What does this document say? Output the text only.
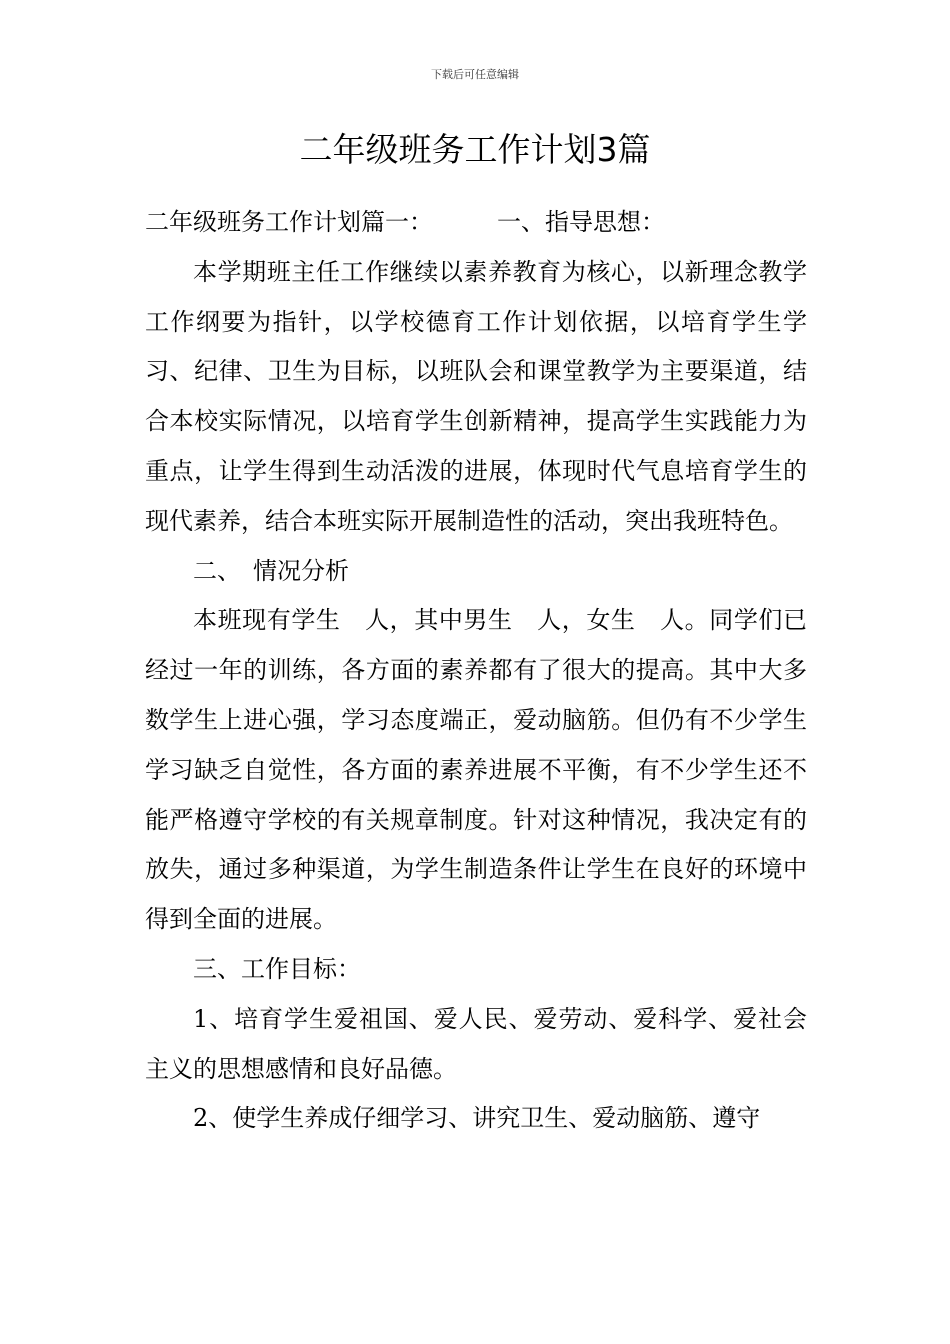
下载后可任意编辑
二年级班务工作计划3篇

二年级班务工作计划篇一：	一、指导思想：

本学期班主任工作继续以素养教育为核心，以新理念教学工作纲要为指针，以学校德育工作计划依据，以培育学生学习、纪律、卫生为目标，以班队会和课堂教学为主要渠道，结合本校实际情况，以培育学生创新精神，提高学生实践能力为重点，让学生得到生动活泼的进展，体现时代气息培育学生的现代素养，结合本班实际开展制造性的活动，突出我班特色。

二、　情况分析

本班现有学生　人，其中男生　人，女生　人。同学们已经过一年的训练，各方面的素养都有了很大的提高。其中大多数学生上进心强，学习态度端正，爱动脑筋。但仍有不少学生学习缺乏自觉性，各方面的素养进展不平衡，有不少学生还不能严格遵守学校的有关规章制度。针对这种情况，我决定有的放失，通过多种渠道，为学生制造条件让学生在良好的环境中得到全面的进展。

三、工作目标：

1、培育学生爱祖国、爱人民、爱劳动、爱科学、爱社会主义的思想感情和良好品德。

2、使学生养成仔细学习、讲究卫生、爱动脑筋、遵守
